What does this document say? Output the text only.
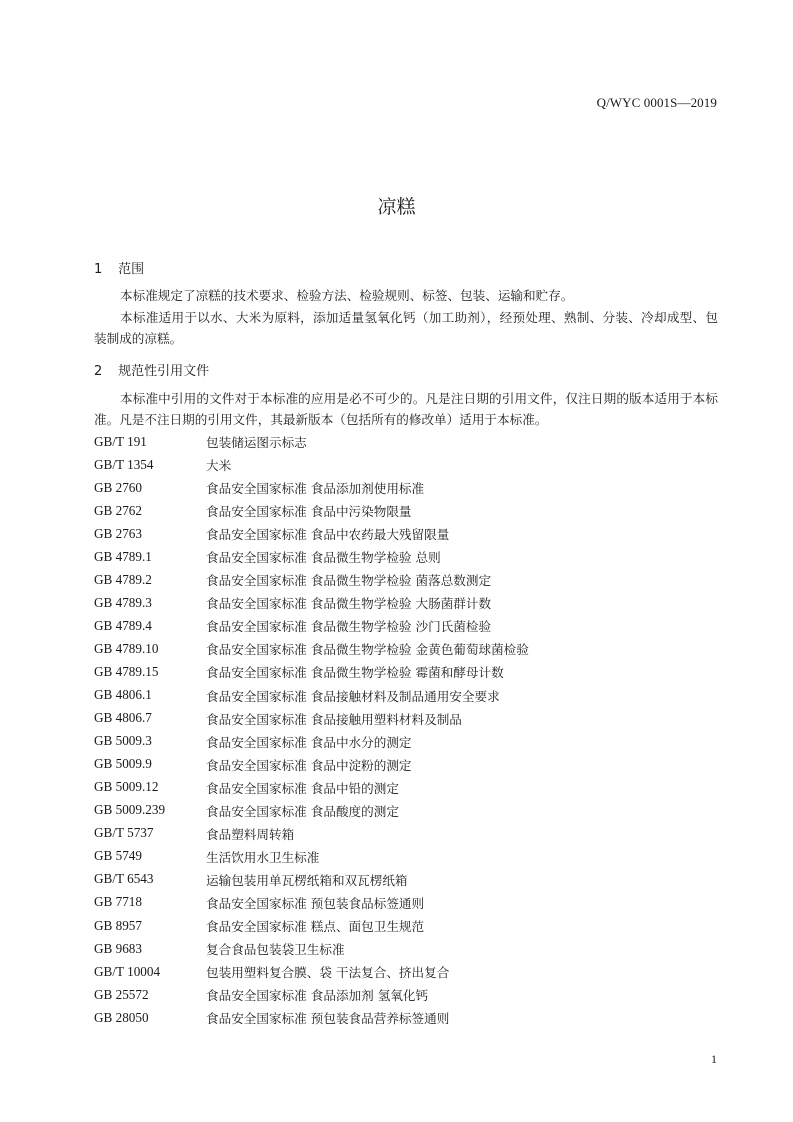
Q/WYC 0001S—2019
凉糕
1 范围

本标准规定了凉糕的技术要求、检验方法、检验规则、标签、包装、运输和贮存。

本标准适用于以水、大米为原料，添加适量氢氧化钙（加工助剂），经预处理、熟制、分装、冷却成型、包装制成的凉糕。

2 规范性引用文件

本标准中引用的文件对于本标准的应用是必不可少的。凡是注日期的引用文件，仅注日期的版本适用于本标准。凡是不注日期的引用文件，其最新版本（包括所有的修改单）适用于本标准。

GB/T 191	包装储运图示标志
GB/T 1354	大米
GB 2760	食品安全国家标准 食品添加剂使用标准
GB 2762	食品安全国家标准 食品中污染物限量
GB 2763	食品安全国家标准 食品中农药最大残留限量
GB 4789.1	食品安全国家标准 食品微生物学检验 总则
GB 4789.2	食品安全国家标准 食品微生物学检验 菌落总数测定
GB 4789.3	食品安全国家标准 食品微生物学检验 大肠菌群计数
GB 4789.4	食品安全国家标准 食品微生物学检验 沙门氏菌检验
GB 4789.10	食品安全国家标准 食品微生物学检验 金黄色葡萄球菌检验
GB 4789.15	食品安全国家标准 食品微生物学检验 霉菌和酵母计数
GB 4806.1	食品安全国家标准 食品接触材料及制品通用安全要求
GB 4806.7	食品安全国家标准 食品接触用塑料材料及制品
GB 5009.3	食品安全国家标准 食品中水分的测定
GB 5009.9	食品安全国家标准 食品中淀粉的测定
GB 5009.12	食品安全国家标准 食品中铅的测定
GB 5009.239	食品安全国家标准 食品酸度的测定
GB/T 5737	食品塑料周转箱
GB 5749	生活饮用水卫生标准
GB/T 6543	运输包装用单瓦楞纸箱和双瓦楞纸箱
GB 7718	食品安全国家标准 预包装食品标签通则
GB 8957	食品安全国家标准 糕点、面包卫生规范
GB 9683	复合食品包装袋卫生标准
GB/T 10004	包装用塑料复合膜、袋 干法复合、挤出复合
GB 25572	食品安全国家标准 食品添加剂 氢氧化钙
GB 28050	食品安全国家标准 预包装食品营养标签通则
1
